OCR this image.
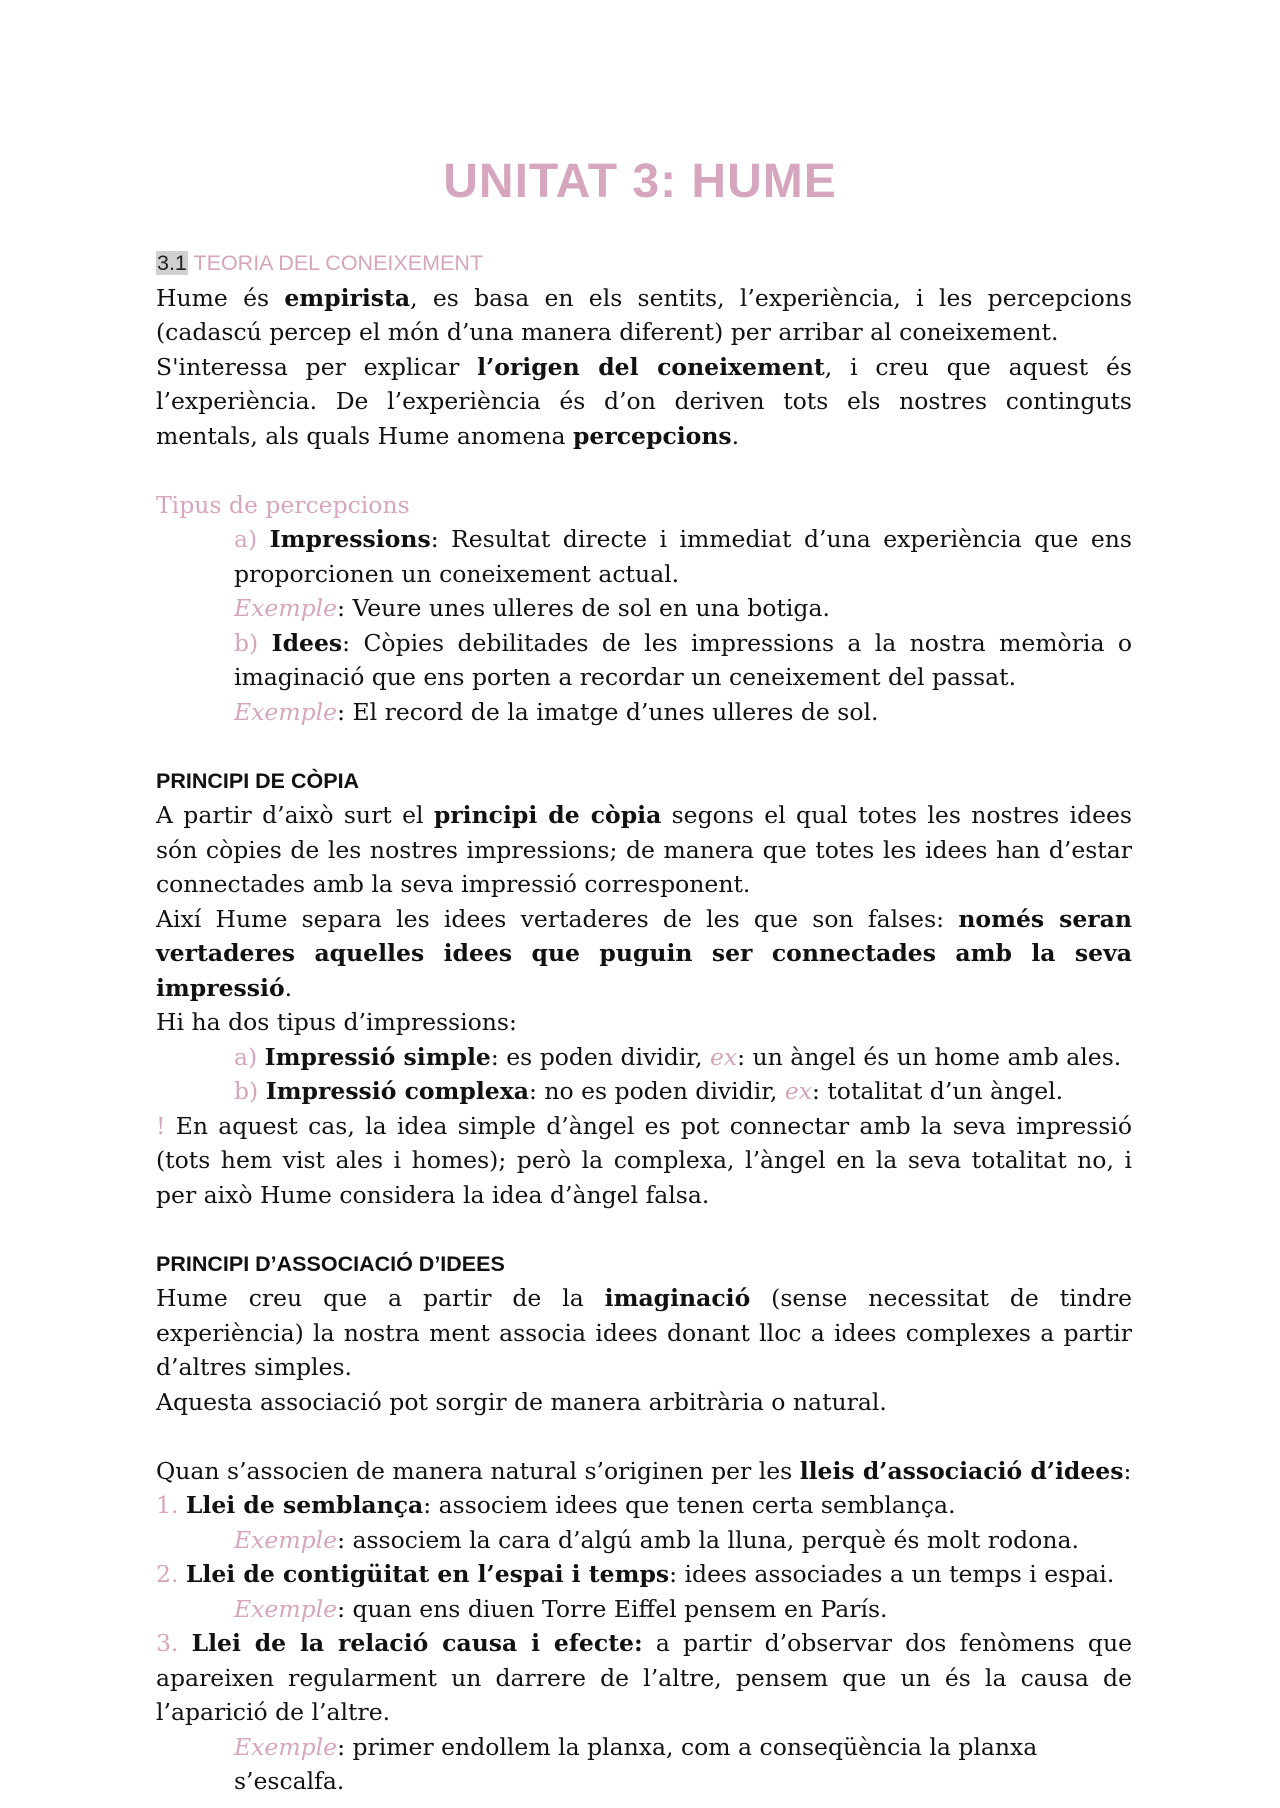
UNITAT 3: HUME
3.1 TEORIA DEL CONEIXEMENT

Hume és empirista, es basa en els sentits, l’experiència, i les percepcions (cadascú percep el món d’una manera diferent) per arribar al coneixement.

S'interessa per explicar l’origen del coneixement, i creu que aquest és l’experiència. De l’experiència és d’on deriven tots els nostres continguts mentals, als quals Hume anomena percepcions.

Tipus de percepcions

a) Impressions: Resultat directe i immediat d’una experiència que ens proporcionen un coneixement actual.

Exemple: Veure unes ulleres de sol en una botiga.

b) Idees: Còpies debilitades de les impressions a la nostra memòria o imaginació que ens porten a recordar un ceneixement del passat.

Exemple: El record de la imatge d’unes ulleres de sol.

PRINCIPI DE CÒPIA

A partir d’això surt el principi de còpia segons el qual totes les nostres idees són còpies de les nostres impressions; de manera que totes les idees han d’estar connectades amb la seva impressió corresponent.

Així Hume separa les idees vertaderes de les que son falses: només seran vertaderes aquelles idees que puguin ser connectades amb la seva impressió.

Hi ha dos tipus d’impressions:

a) Impressió simple: es poden dividir, ex: un àngel és un home amb ales.

b) Impressió complexa: no es poden dividir, ex: totalitat d’un àngel.

! En aquest cas, la idea simple d’àngel es pot connectar amb la seva impressió (tots hem vist ales i homes); però la complexa, l’àngel en la seva totalitat no, i per això Hume considera la idea d’àngel falsa.

PRINCIPI D’ASSOCIACIÓ D’IDEES

Hume creu que a partir de la imaginació (sense necessitat de tindre experiència) la nostra ment associa idees donant lloc a idees complexes a partir d’altres simples.

Aquesta associació pot sorgir de manera arbitrària o natural.

Quan s’associen de manera natural s’originen per les lleis d’associació d’idees:

1. Llei de semblança: associem idees que tenen certa semblança.

Exemple: associem la cara d’algú amb la lluna, perquè és molt rodona.

2. Llei de contigüitat en l’espai i temps: idees associades a un temps i espai.

Exemple: quan ens diuen Torre Eiffel pensem en París.

3. Llei de la relació causa i efecte: a partir d’observar dos fenòmens que apareixen regularment un darrere de l’altre, pensem que un és la causa de l’aparició de l’altre.

Exemple: primer endollem la planxa, com a conseqüència la planxa s’escalfa.
